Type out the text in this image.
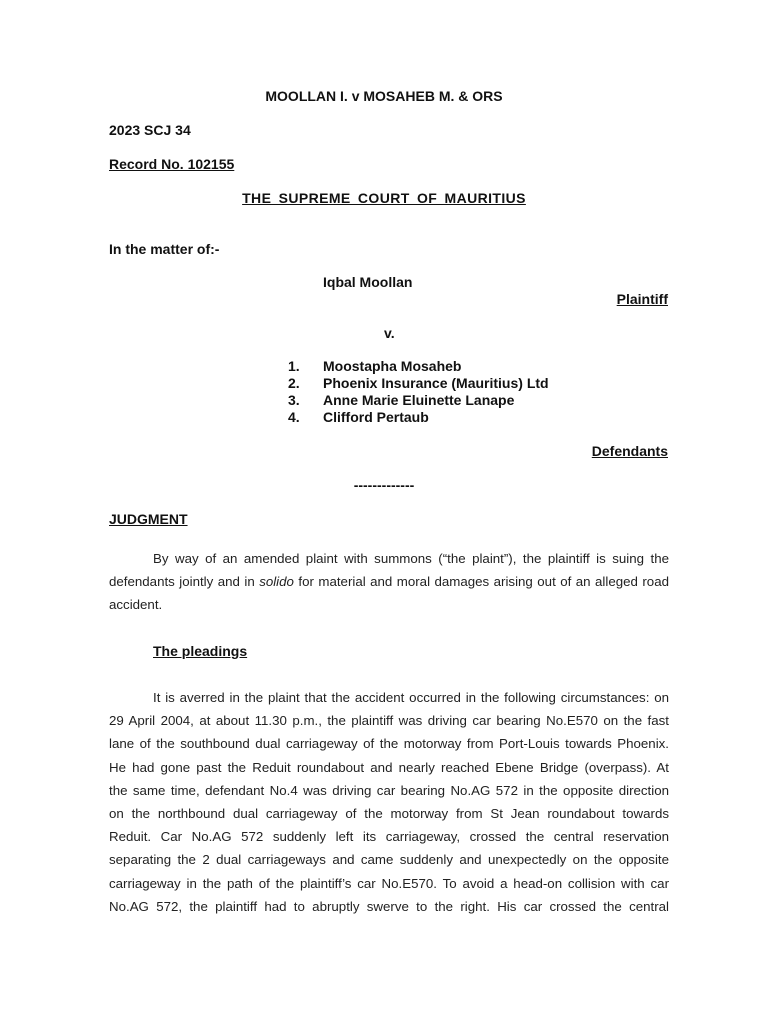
MOOLLAN I. v MOSAHEB M. & ORS
2023 SCJ 34
Record No. 102155
THE SUPREME COURT OF MAURITIUS
In the matter of:-
Iqbal Moollan
Plaintiff
v.
1.	Moostapha Mosaheb
2.	Phoenix Insurance (Mauritius) Ltd
3.	Anne Marie Eluinette Lanape
4.	Clifford Pertaub
Defendants
-------------
JUDGMENT
By way of an amended plaint with summons (“the plaint”), the plaintiff is suing the
defendants jointly and in solido for material and moral damages arising out of an alleged road
accident.
The pleadings
It is averred in the plaint that the accident occurred in the following circumstances: on
29 April 2004, at about 11.30 p.m., the plaintiff was driving car bearing No.E570 on the fast
lane of the southbound dual carriageway of the motorway from Port-Louis towards Phoenix.
He had gone past the Reduit roundabout and nearly reached Ebene Bridge (overpass). At
the same time, defendant No.4 was driving car bearing No.AG 572 in the opposite direction
on the northbound dual carriageway of the motorway from St Jean roundabout towards
Reduit. Car No.AG 572 suddenly left its carriageway, crossed the central reservation
separating the 2 dual carriageways and came suddenly and unexpectedly on the opposite
carriageway in the path of the plaintiff’s car No.E570. To avoid a head-on collision with car
No.AG 572, the plaintiff had to abruptly swerve to the right. His car crossed the central
